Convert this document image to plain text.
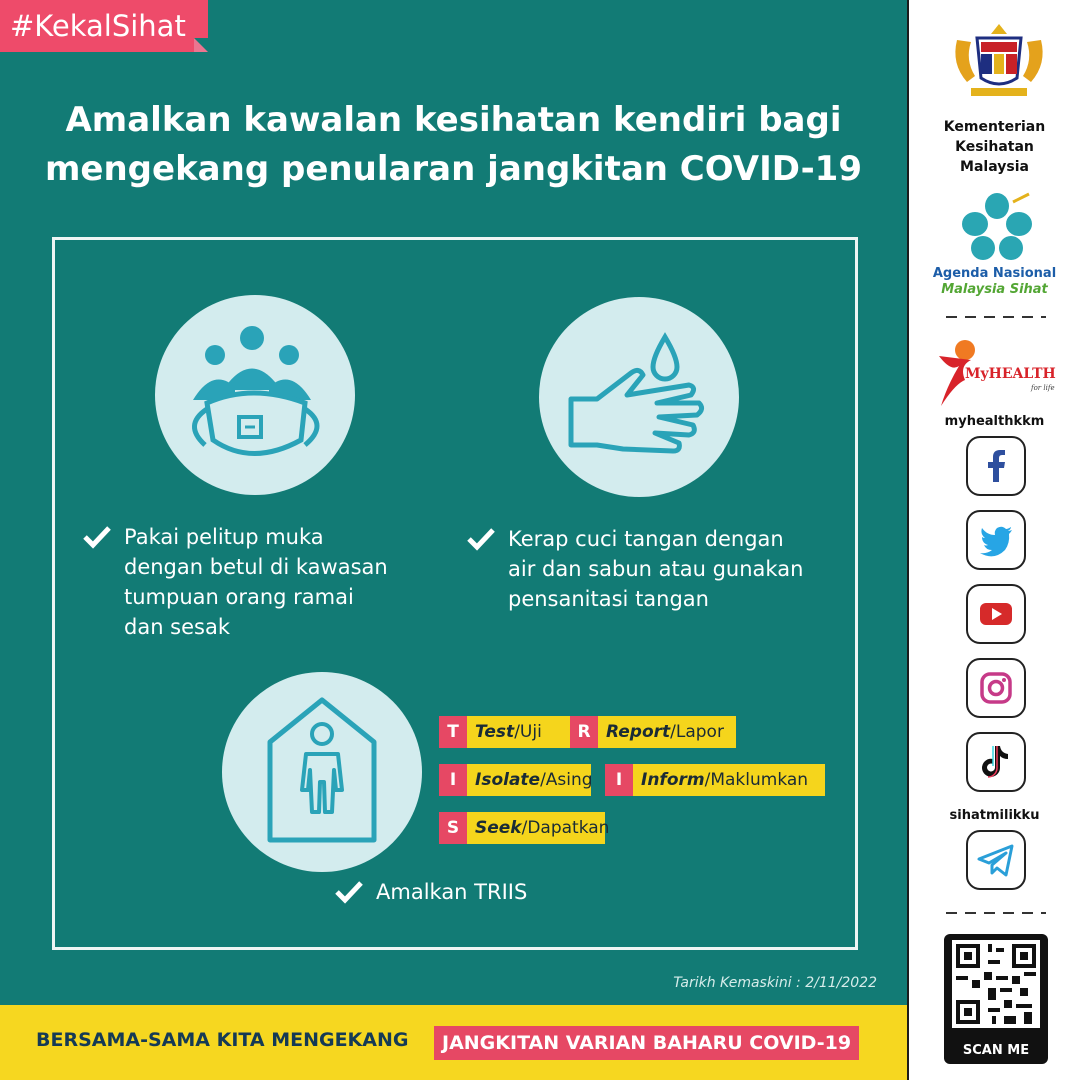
#KekalSihat
Amalkan kawalan kesihatan kendiri bagi
mengekang penularan jangkitan COVID-19
Pakai pelitup muka
dengan betul di kawasan
tumpuan orang ramai
dan sesak
Kerap cuci tangan dengan
air dan sabun atau gunakan
pensanitasi tangan
Amalkan TRIIS
T Test/Uji	R Report/Lapor
I	Isolate/Asing	I	Inform/Maklumkan
S Seek/Dapatkan
Tarikh Kemaskini : 2/11/2022
BERSAMA-SAMA KITA MENGEKANG	JANGKITAN VARIAN BAHARU COVID-19
Kementerian
Kesihatan
Malaysia
Agenda Nasional
Malaysia Sihat
MyHEALTH
for life
myhealthkkm
sihatmilikku
SCAN ME
